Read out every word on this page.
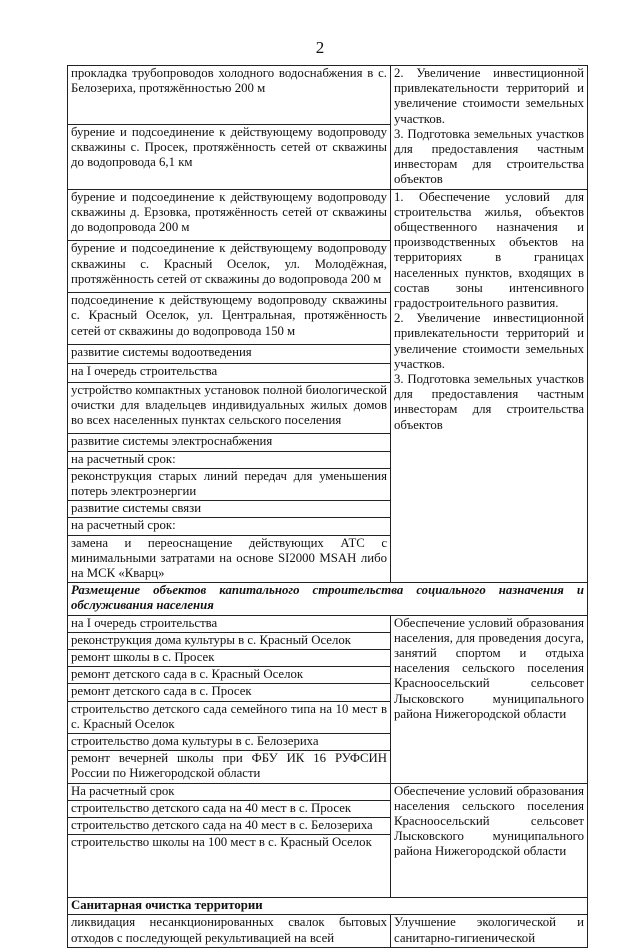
2
прокладка трубопроводов холодного водоснабжения в с. Белозериха, протяжённостью 200 м	2. Увеличение инвестиционной привлекательности территорий и увеличение стоимости земельных участков.
3. Подготовка земельных участков для предоставления частным инвесторам для строительства объектов

бурение и подсоединение к действующему водопроводу скважины с. Просек, протяжённость сетей от скважины до водопровода 6,1 км	
бурение и подсоединение к действующему водопроводу скважины д. Ерзовка, протяжённость сетей от скважины до водопровода 200 м	1. Обеспечение условий для строительства жилья, объектов общественного назначения и производственных объектов на территориях в границах населенных пунктов, входящих в состав зоны интенсивного градостроительного развития.
2. Увеличение инвестиционной привлекательности территорий и увеличение стоимости земельных участков.
3. Подготовка земельных участков для предоставления частным инвесторам для строительства объектов

бурение и подсоединение к действующему водопроводу скважины с. Красный Оселок, ул. Молодёжная, протяжённость сетей от скважины до водопровода 200 м	
подсоединение к действующему водопроводу скважины с. Красный Оселок, ул. Центральная, протяжённость сетей от скважины до водопровода 150 м	
развитие системы водоотведения	
на I очередь строительства	
устройство компактных установок полной биологической очистки для владельцев индивидуальных жилых домов во всех населенных пунктах сельского поселения	
развитие системы электроснабжения	
на расчетный срок:	
реконструкция старых линий передач для уменьшения потерь электроэнергии	
развитие системы связи	
на расчетный срок:	
замена и переоснащение действующих АТС с минимальными затратами на основе SI2000 MSAH либо на МСК «Кварц»	
Размещение объектов капитального строительства социального назначения и обслуживания населения	
на I очередь строительства	Обеспечение условий образования населения, для проведения досуга, занятий спортом и отдыха населения сельского поселения Красноосельский сельсовет Лысковского муниципального района Нижегородской области

реконструкция дома культуры в с. Красный Оселок	
ремонт школы в с. Просек	
ремонт детского сада в с. Красный Оселок	
ремонт детского сада в с. Просек	
строительство детского сада семейного типа на 10 мест в с. Красный Оселок	
строительство дома культуры в с. Белозериха	
ремонт вечерней школы при ФБУ ИК 16 РУФСИН России по Нижегородской области	
На расчетный срок	Обеспечение условий образования населения сельского поселения Красноосельский сельсовет Лысковского муниципального района Нижегородской области

строительство детского сада на 40 мест в с. Просек	
строительство детского сада на 40 мест в с. Белозериха	
строительство школы на 100 мест в с. Красный Оселок	
Санитарная очистка территории	
ликвидация несанкционированных свалок бытовых отходов с последующей рекультивацией на всей	Улучшение экологической и санитарно-гигиенической
